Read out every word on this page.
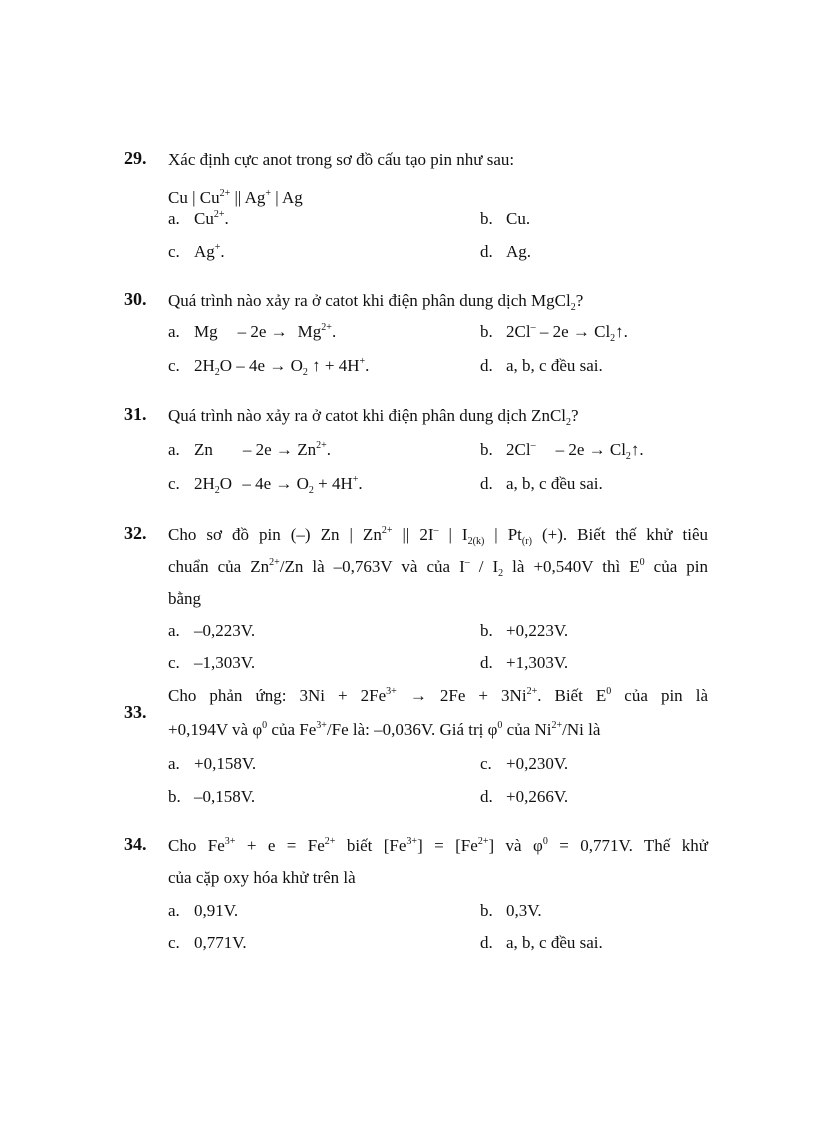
29. Xác định cực anot trong sơ đồ cấu tạo pin như sau:
Cu | $Cu^{2+}$ || Ag+ | Ag
a. $Cu^{2+}$.	b. Cu.
c. Ag+.	d. Ag.
30. Quá trình nào xảy ra ở catot khi điện phân dung dịch MgCl$_2$?
a. $Mg - 2e \to Mg^{2+}$.	b. $2Cl^- - 2e \to Cl_2↑$.
c. $2H_2O - 4e \to O_2$ ↑ + 4H+.	d. a, b, c đều sai.
31. Quá trình nào xảy ra ở catot khi điện phân dung dịch ZnCl$_2$?
a. $Zn - 2e \to Zn^{2+}$.	b. $2Cl^- - 2e \to Cl_2↑$.
c. $2H_2O - 4e \to O_2 + 4H^+$.	d. a, b, c đều sai.
32. Cho sơ đồ pin (–) Zn | $Zn^{2+}$ || 2I– | $I_{2(k)}$ | $Pt_{(r)}$ (+). Biết thế khử tiêu
chuẩn của $Zn^{2+}/Zn$ là –0,763V và của $I^- / I_2$ là +0,540V thì $E^0$ của pin
bằng
a. –0,223V.	b. +0,223V.
c. –1,303V.	d. +1,303V.
33.
Cho phản ứng: $3Ni + 2Fe^{3+} \to 2Fe + 3Ni^{2+}$. Biết $E^0$ của pin là
+0,194V và $\varphi^0$ của $Fe^{3+}/Fe$ là: –0,036V. Giá trị $\varphi^0$ của $Ni^{2+}/Ni$ là
a. +0,158V.	c. +0,230V.
b. –0,158V.	d. +0,266V.
34. Cho $Fe^{3+} + e = Fe^{2+}$ biết $[Fe^{3+}] = [Fe^{2+}]$ và $\varphi^0 = 0,771V$. Thế khử
của cặp oxy hóa khử trên là
a. 0,91V.	b. 0,3V.
c. 0,771V.	d. a, b, c đều sai.
